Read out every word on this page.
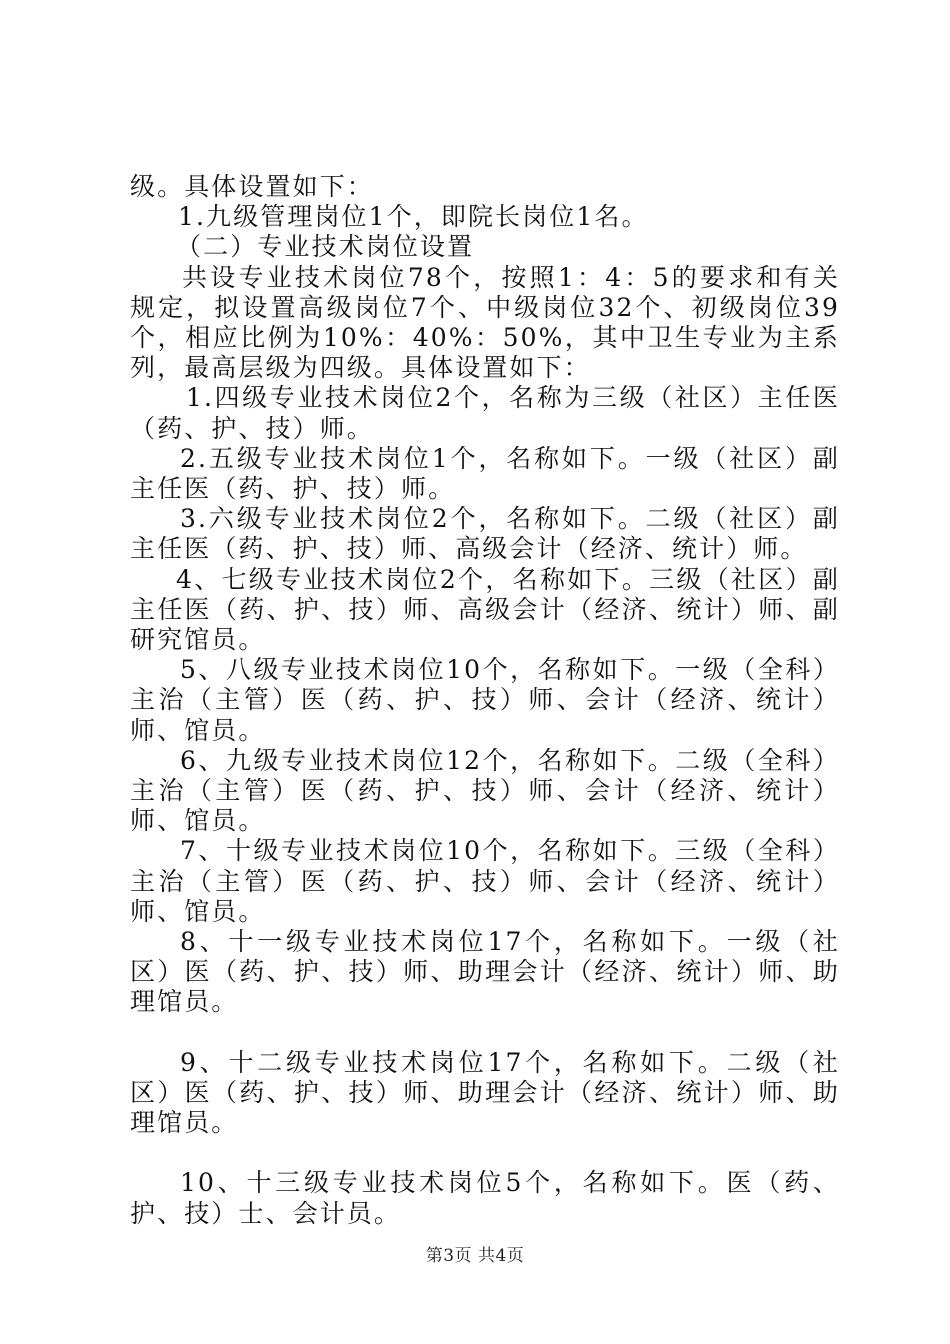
级。具体设置如下：

1.九级管理岗位1个，即院长岗位1名。

（二）专业技术岗位设置

共设专业技术岗位78个，按照1：4：5的要求和有关规定，拟设置高级岗位7个、中级岗位32个、初级岗位39个，相应比例为10%：40%：50%，其中卫生专业为主系列，最高层级为四级。具体设置如下：

1.四级专业技术岗位2个，名称为三级（社区）主任医（药、护、技）师。

2.五级专业技术岗位1个，名称如下。一级（社区）副主任医（药、护、技）师。

3.六级专业技术岗位2个，名称如下。二级（社区）副主任医（药、护、技）师、高级会计（经济、统计）师。

4、七级专业技术岗位2个，名称如下。三级（社区）副主任医（药、护、技）师、高级会计（经济、统计）师、副研究馆员。

5、八级专业技术岗位10个，名称如下。一级（全科）主治（主管）医（药、护、技）师、会计（经济、统计）师、馆员。

6、九级专业技术岗位12个，名称如下。二级（全科）主治（主管）医（药、护、技）师、会计（经济、统计）师、馆员。

7、十级专业技术岗位10个，名称如下。三级（全科）主治（主管）医（药、护、技）师、会计（经济、统计）师、馆员。

8、十一级专业技术岗位17个，名称如下。一级（社区）医（药、护、技）师、助理会计（经济、统计）师、助理馆员。

9、十二级专业技术岗位17个，名称如下。二级（社区）医（药、护、技）师、助理会计（经济、统计）师、助理馆员。

10、十三级专业技术岗位5个，名称如下。医（药、护、技）士、会计员。

第3页 共4页
